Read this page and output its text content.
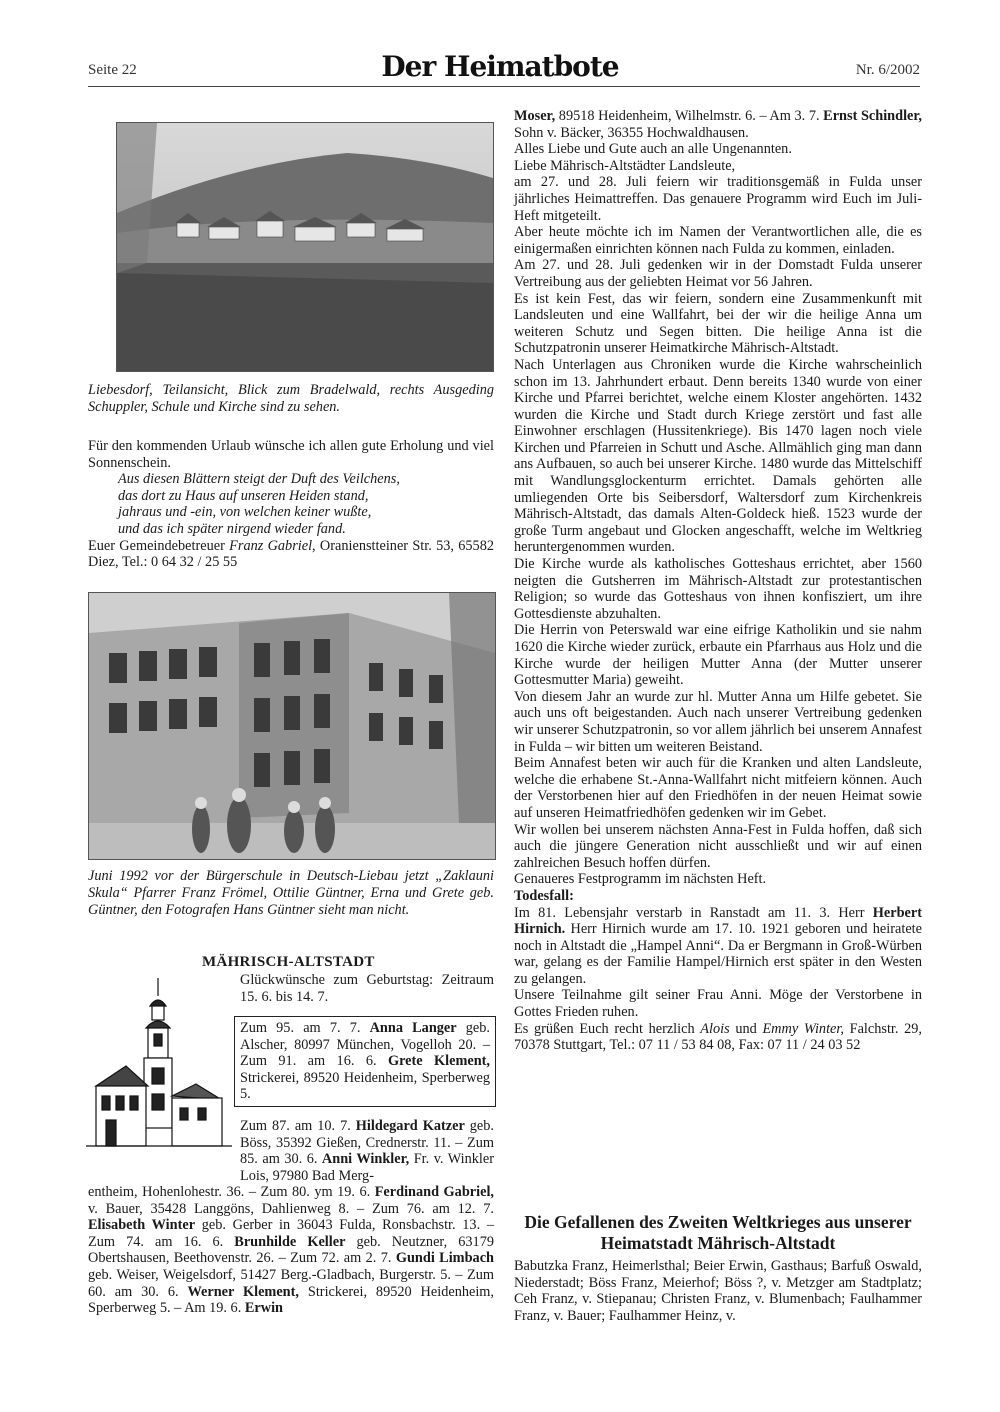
Seite 22	Der Heimatbote	Nr. 6/2002
Liebesdorf, Teilansicht, Blick zum Bradelwald, rechts Ausgeding Schuppler, Schule und Kirche sind zu sehen.

Für den kommenden Urlaub wünsche ich allen gute Erholung und viel Sonnenschein.

Aus diesen Blättern steigt der Duft des Veilchens,
das dort zu Haus auf unseren Heiden stand,
jahraus und -ein, von welchen keiner wußte,
und das ich später nirgend wieder fand.

Euer Gemeindebetreuer Franz Gabriel, Oranienstteiner Str. 53, 65582 Diez, Tel.: 0 64 32 / 25 55

Juni 1992 vor der Bürgerschule in Deutsch-Liebau jetzt „Zaklauni Skula“ Pfarrer Franz Frömel, Ottilie Güntner, Erna und Grete geb. Güntner, den Fotografen Hans Güntner sieht man nicht.
MÄHRISCH-ALTSTADT
Glückwünsche zum Geburtstag: Zeitraum 15. 6. bis 14. 7.
Zum 95. am 7. 7. Anna Langer geb. Alscher, 80997 München, Vogelloh 20. – Zum 91. am 16. 6. Grete Klement, Strickerei, 89520 Heidenheim, Sperberweg 5.
Zum 87. am 10. 7. Hildegard Katzer geb. Böss, 35392 Gießen, Crednerstr. 11. – Zum 85. am 30. 6. Anni Winkler, Fr. v. Winkler Lois, 97980 Bad Merg-
entheim, Hohenlohestr. 36. – Zum 80. ym 19. 6. Ferdinand Gabriel, v. Bauer, 35428 Langgöns, Dahlienweg 8. – Zum 76. am 12. 7. Elisabeth Winter geb. Gerber in 36043 Fulda, Ronsbachstr. 13. – Zum 74. am 16. 6. Brunhilde Keller geb. Neutzner, 63179 Obertshausen, Beethovenstr. 26. – Zum 72. am 2. 7. Gundi Limbach geb. Weiser, Weigelsdorf, 51427 Berg.-Gladbach, Burgerstr. 5. – Zum 60. am 30. 6. Werner Klement, Strickerei, 89520 Heidenheim, Sperberweg 5. – Am 19. 6. Erwin

Moser, 89518 Heidenheim, Wilhelmstr. 6. – Am 3. 7. Ernst Schindler, Sohn v. Bäcker, 36355 Hochwaldhausen.

Alles Liebe und Gute auch an alle Ungenannten.

Liebe Mährisch-Altstädter Landsleute,

am 27. und 28. Juli feiern wir traditionsgemäß in Fulda unser jährliches Heimattreffen. Das genauere Programm wird Euch im Juli-Heft mitgeteilt.

Aber heute möchte ich im Namen der Verantwortlichen alle, die es einigermaßen einrichten können nach Fulda zu kommen, einladen.

Am 27. und 28. Juli gedenken wir in der Domstadt Fulda unserer Vertreibung aus der geliebten Heimat vor 56 Jahren.

Es ist kein Fest, das wir feiern, sondern eine Zusammenkunft mit Landsleuten und eine Wallfahrt, bei der wir die heilige Anna um weiteren Schutz und Segen bitten. Die heilige Anna ist die Schutzpatronin unserer Heimatkirche Mährisch-Altstadt.

Nach Unterlagen aus Chroniken wurde die Kirche wahrscheinlich schon im 13. Jahrhundert erbaut. Denn bereits 1340 wurde von einer Kirche und Pfarrei berichtet, welche einem Kloster angehörten. 1432 wurden die Kirche und Stadt durch Kriege zerstört und fast alle Einwohner erschlagen (Hussitenkriege). Bis 1470 lagen noch viele Kirchen und Pfarreien in Schutt und Asche. Allmählich ging man dann ans Aufbauen, so auch bei unserer Kirche. 1480 wurde das Mittelschiff mit Wandlungsglockenturm errichtet. Damals gehörten alle umliegenden Orte bis Seibersdorf, Waltersdorf zum Kirchenkreis Mährisch-Altstadt, das damals Alten-Goldeck hieß. 1523 wurde der große Turm angebaut und Glocken angeschafft, welche im Weltkrieg heruntergenommen wurden.

Die Kirche wurde als katholisches Gotteshaus errichtet, aber 1560 neigten die Gutsherren im Mährisch-Altstadt zur protestantischen Religion; so wurde das Gotteshaus von ihnen konfisziert, um ihre Gottesdienste abzuhalten.

Die Herrin von Peterswald war eine eifrige Katholikin und sie nahm 1620 die Kirche wieder zurück, erbaute ein Pfarrhaus aus Holz und die Kirche wurde der heiligen Mutter Anna (der Mutter unserer Gottesmutter Maria) geweiht.

Von diesem Jahr an wurde zur hl. Mutter Anna um Hilfe gebetet. Sie auch uns oft beigestanden. Auch nach unserer Vertreibung gedenken wir unserer Schutzpatronin, so vor allem jährlich bei unserem Annafest in Fulda – wir bitten um weiteren Beistand.

Beim Annafest beten wir auch für die Kranken und alten Landsleute, welche die erhabene St.-Anna-Wallfahrt nicht mitfeiern können. Auch der Verstorbenen hier auf den Friedhöfen in der neuen Heimat sowie auf unseren Heimatfriedhöfen gedenken wir im Gebet.

Wir wollen bei unserem nächsten Anna-Fest in Fulda hoffen, daß sich auch die jüngere Generation nicht ausschließt und wir auf einen zahlreichen Besuch hoffen dürfen.

Genaueres Festprogramm im nächsten Heft.

Todesfall:

Im 81. Lebensjahr verstarb in Ranstadt am 11. 3. Herr Herbert Hirnich. Herr Hirnich wurde am 17. 10. 1921 geboren und heiratete noch in Altstadt die „Hampel Anni“. Da er Bergmann in Groß-Würben war, gelang es der Familie Hampel/Hirnich erst später in den Westen zu gelangen.

Unsere Teilnahme gilt seiner Frau Anni. Möge der Verstorbene in Gottes Frieden ruhen.

Es grüßen Euch recht herzlich Alois und Emmy Winter, Falchstr. 29, 70378 Stuttgart, Tel.: 07 11 / 53 84 08, Fax: 07 11 / 24 03 52

Die Gefallenen des Zweiten Weltkrieges aus unserer Heimatstadt Mährisch-Altstadt
Babutzka Franz, Heimerlsthal; Beier Erwin, Gasthaus; Barfuß Oswald, Niederstadt; Böss Franz, Meierhof; Böss ?, v. Metzger am Stadtplatz; Ceh Franz, v. Stiepanau; Christen Franz, v. Blumenbach; Faulhammer Franz, v. Bauer; Faulhammer Heinz, v.
